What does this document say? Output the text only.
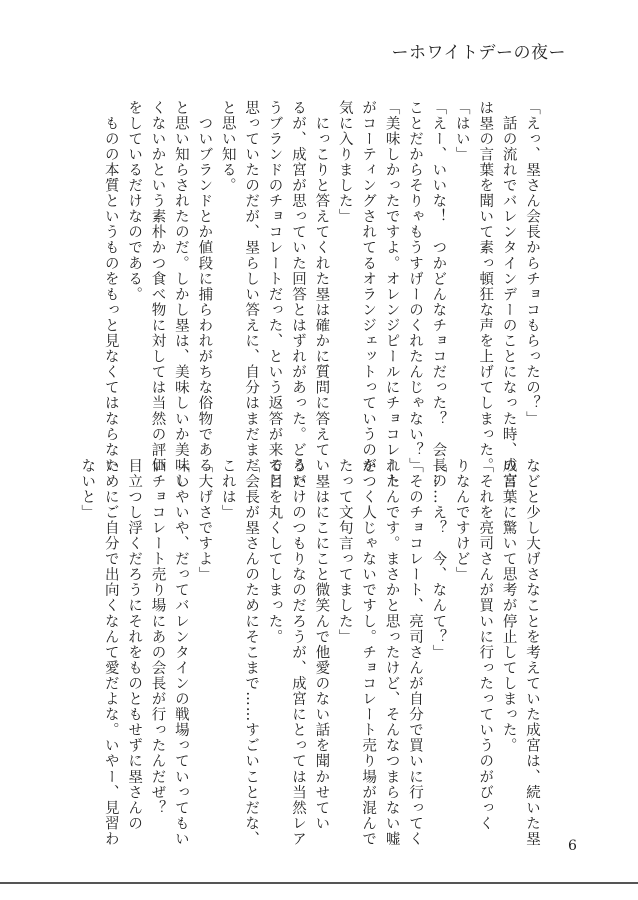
ーホワイトデーの夜ー
「えっ、塁さん会長からチョコもらったの？」
　話の流れでバレンタインデーのことになった時、成宮
は塁の言葉を聞いて素っ頓狂な声を上げてしまった。
「はい」
「えー、いいな！　つかどんなチョコだった？　会長の
ことだからそりゃもうすげーのくれたんじゃない？」
「美味しかったですよ。オレンジピールにチョコレート
がコーティングされてるオランジェットっていうのが
気に入りました」
　にっこりと答えてくれた塁は確かに質問に答えてい
るが、成宮が思っていた回答とはずれがあった。どうい
うブランドのチョコレートだった、という返答が来ると
思っていたのだが、塁らしい答えに、自分はまだまだ
と思い知る。
　ついブランドとか値段に捕らわれがちな俗物である
と思い知らされたのだ。しかし塁は、美味しいか美味し
くないかという素朴かつ食べ物に対しては当然の評価
をしているだけなのである。
　ものの本質というものをもっと見なくてはならない
などと少し大げさなことを考えていた成宮は、続いた塁
の言葉に驚いて思考が停止してしまった。
「それを亮司さんが買いに行ったっていうのがびっく
りなんですけど」
「……え？　今、なんて？」
「そのチョコレート、亮司さんが自分で買いに行ってく
れたんです。まさかと思ったけど、そんなつまらない嘘
をつく人じゃないですし。チョコレート売り場が混んで
たって文句言ってました」
　塁はにこにこと微笑んで他愛のない話を聞かせてい
るだけのつもりなのだろうが、成宮にとっては当然レア
で目を丸くしてしまった。
「会長が塁さんのためにそこまで……すごいことだな、
これは」
「大げさですよ」
「いやいや、だってバレンタインの戦場っていってもい
いチョコレート売り場にあの会長が行ったんだぜ？
目立つし浮くだろうにそれをものともせずに塁さんの
ためにご自分で出向くなんて愛だよな。いやー、見習わ
ないと」
6
